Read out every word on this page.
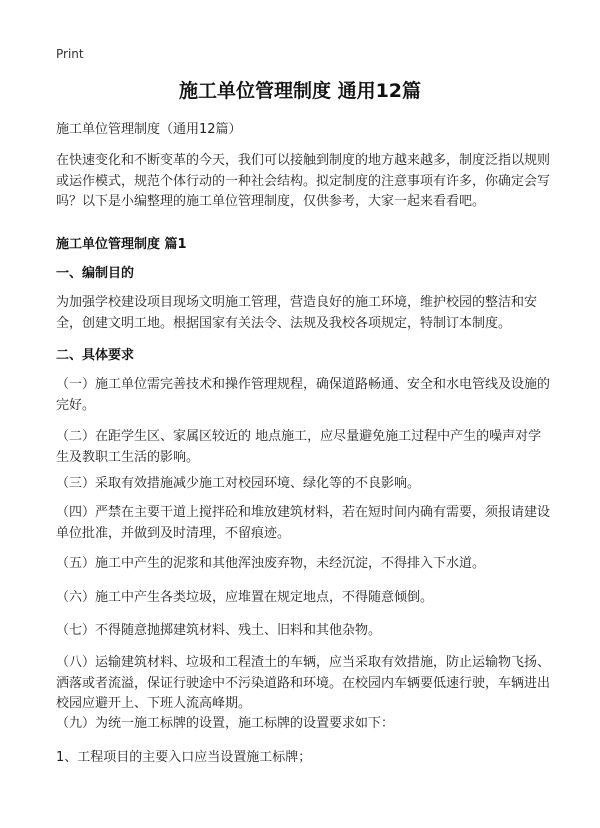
Print
施工单位管理制度 通用12篇

施工单位管理制度（通用12篇）

在快速变化和不断变革的今天，我们可以接触到制度的地方越来越多，制度泛指以规则或运作模式，规范个体行动的一种社会结构。拟定制度的注意事项有许多，你确定会写吗？以下是小编整理的施工单位管理制度，仅供参考，大家一起来看看吧。

施工单位管理制度 篇1

一、编制目的

为加强学校建设项目现场文明施工管理，营造良好的施工环境，维护校园的整洁和安全，创建文明工地。根据国家有关法令、法规及我校各项规定，特制订本制度。

二、具体要求

（一）施工单位需完善技术和操作管理规程，确保道路畅通、安全和水电管线及设施的完好。

（二）在距学生区、家属区较近的 地点施工，应尽量避免施工过程中产生的噪声对学生及教职工生活的影响。

（三）采取有效措施减少施工对校园环境、绿化等的不良影响。

（四）严禁在主要干道上搅拌砼和堆放建筑材料，若在短时间内确有需要，须报请建设单位批准，并做到及时清理，不留痕迹。

（五）施工中产生的泥浆和其他浑浊废弃物，未经沉淀，不得排入下水道。

（六）施工中产生各类垃圾，应堆置在规定地点，不得随意倾倒。

（七）不得随意抛掷建筑材料、残土、旧料和其他杂物。

（八）运输建筑材料、垃圾和工程渣土的车辆，应当采取有效措施，防止运输物飞扬、洒落或者流溢，保证行驶途中不污染道路和环境。在校园内车辆要低速行驶，车辆进出校园应避开上、下班人流高峰期。

（九）为统一施工标牌的设置，施工标牌的设置要求如下：

1、工程项目的主要入口应当设置施工标牌；
